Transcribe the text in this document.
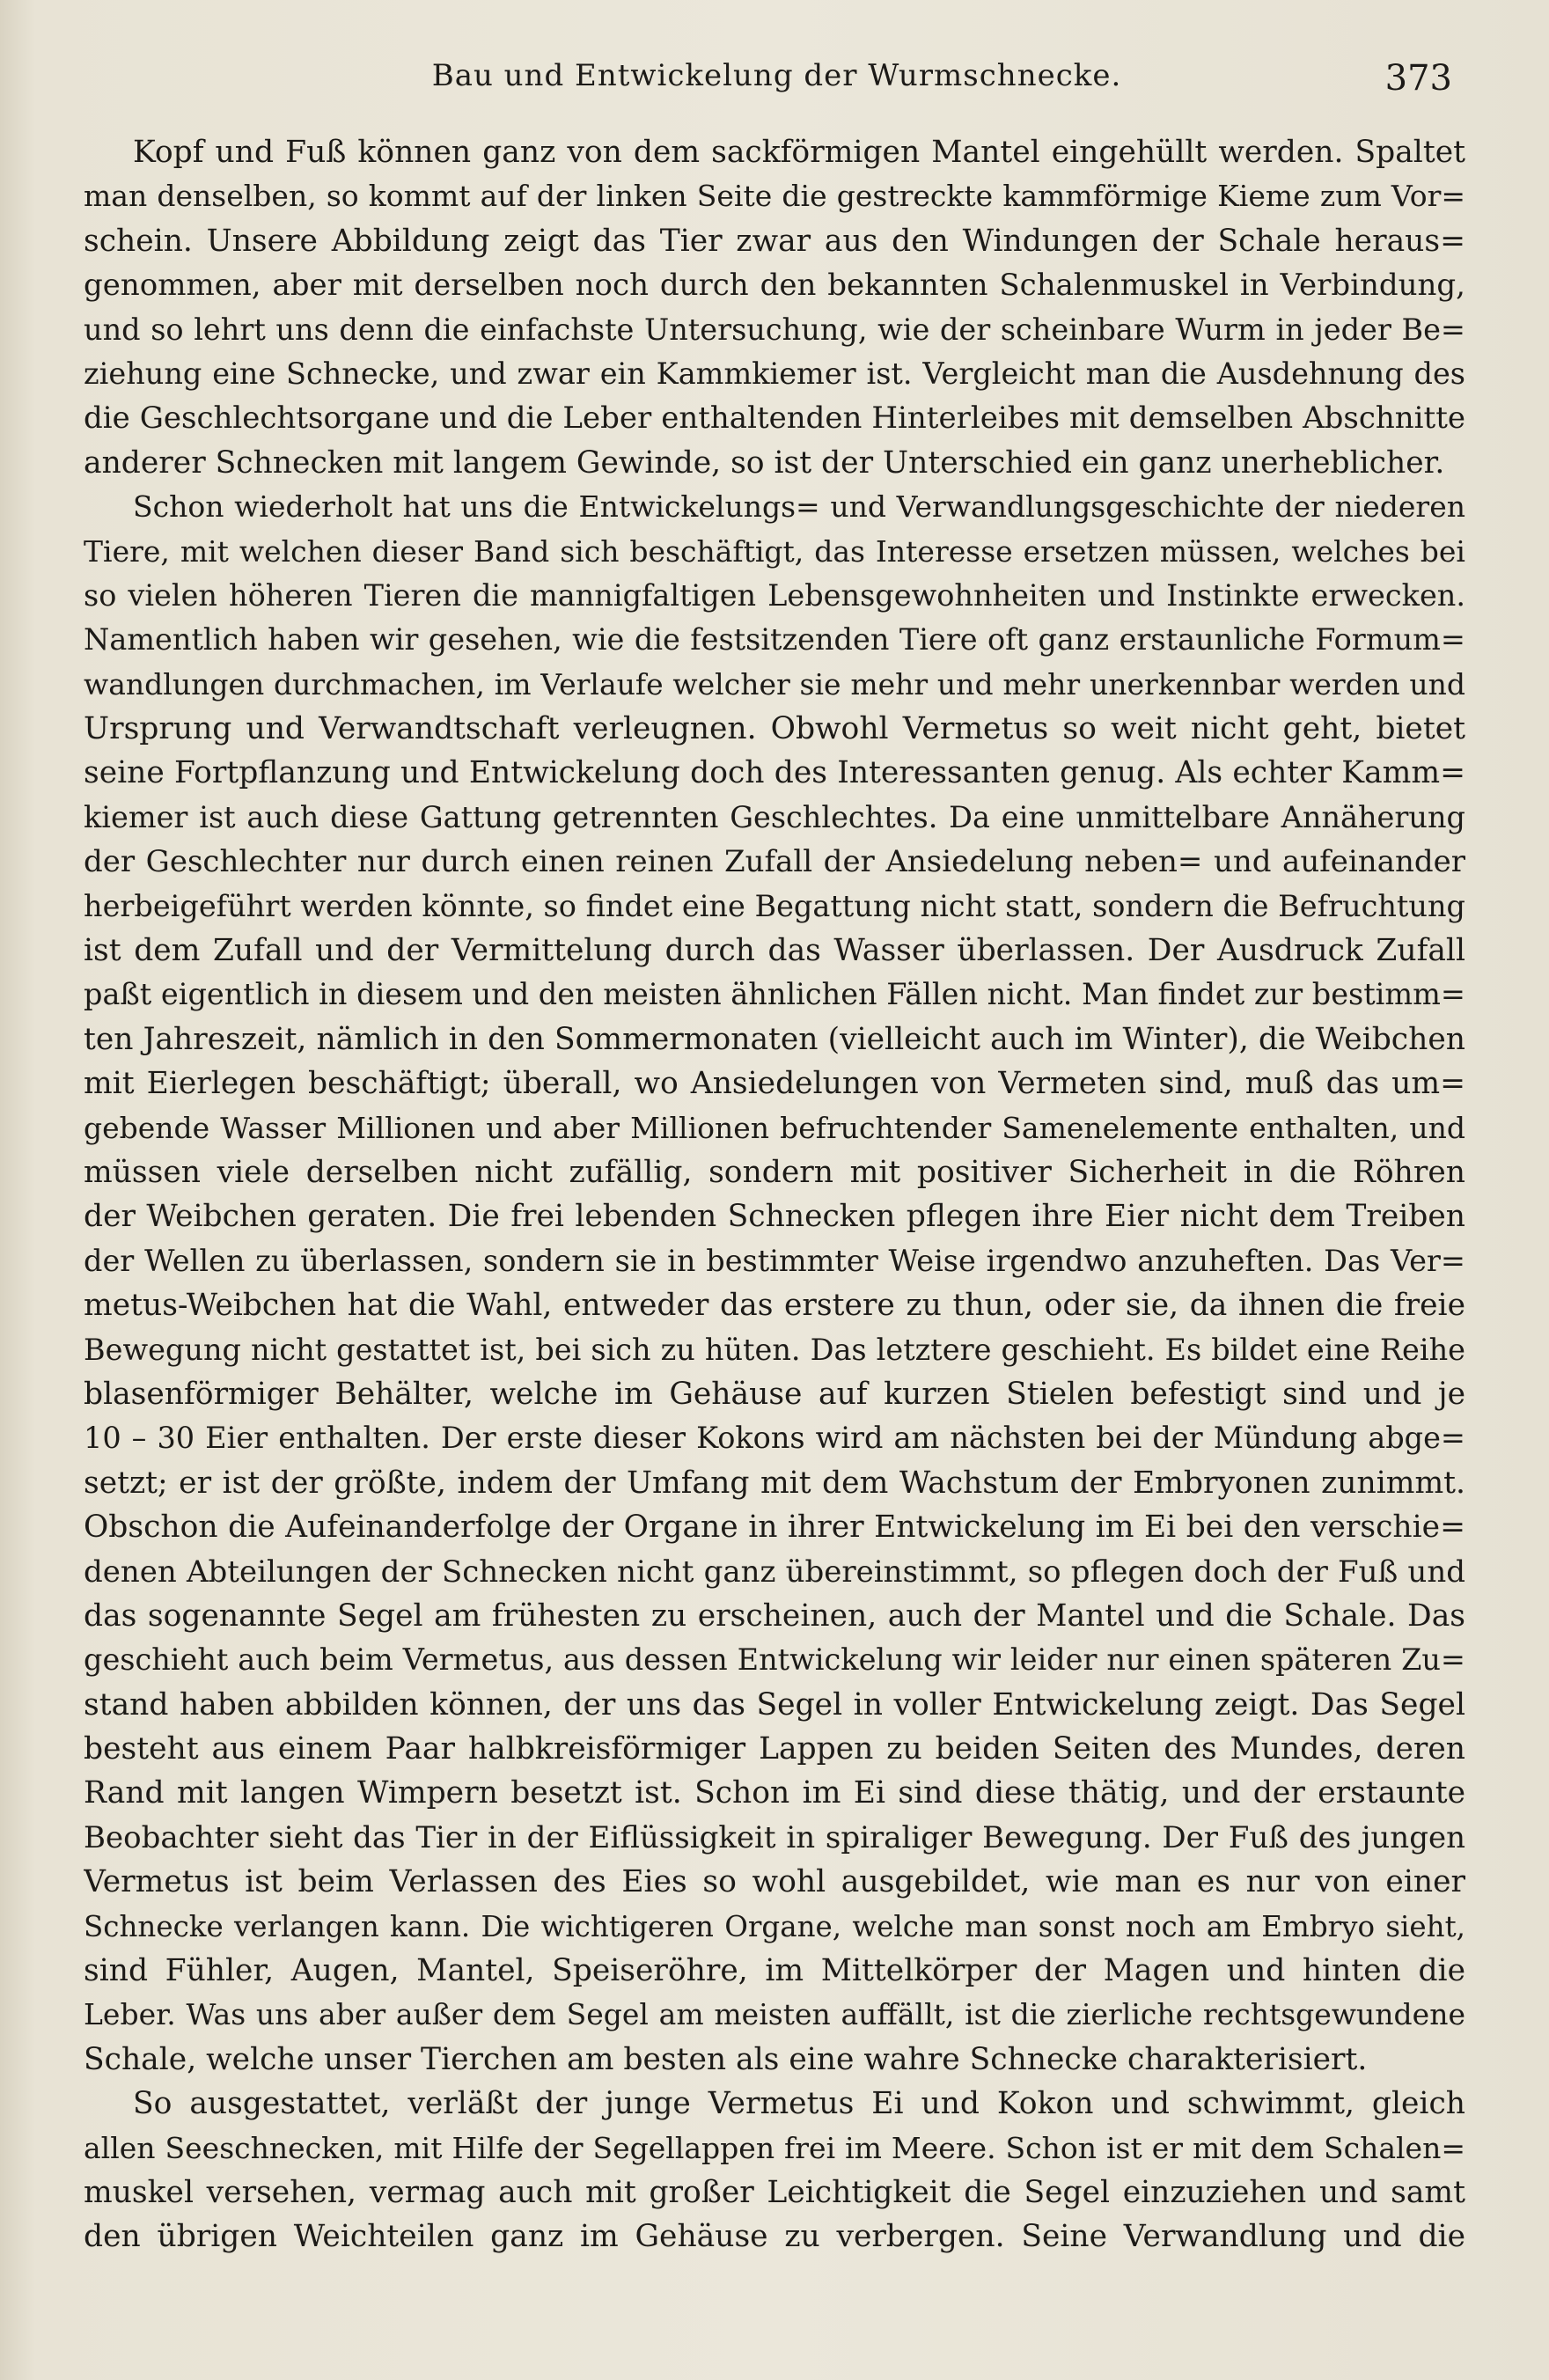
Bau und Entwickelung der Wurmschnecke.	373
Kopf und Fuß können ganz von dem sackförmigen Mantel eingehüllt werden. Spaltet
man denselben, so kommt auf der linken Seite die gestreckte kammförmige Kieme zum Vor=
schein. Unsere Abbildung zeigt das Tier zwar aus den Windungen der Schale heraus=
genommen, aber mit derselben noch durch den bekannten Schalenmuskel in Verbindung,
und so lehrt uns denn die einfachste Untersuchung, wie der scheinbare Wurm in jeder Be=
ziehung eine Schnecke, und zwar ein Kammkiemer ist. Vergleicht man die Ausdehnung des
die Geschlechtsorgane und die Leber enthaltenden Hinterleibes mit demselben Abschnitte
anderer Schnecken mit langem Gewinde, so ist der Unterschied ein ganz unerheblicher.
Schon wiederholt hat uns die Entwickelungs= und Verwandlungsgeschichte der niederen
Tiere, mit welchen dieser Band sich beschäftigt, das Interesse ersetzen müssen, welches bei
so vielen höheren Tieren die mannigfaltigen Lebensgewohnheiten und Instinkte erwecken.
Namentlich haben wir gesehen, wie die festsitzenden Tiere oft ganz erstaunliche Formum=
wandlungen durchmachen, im Verlaufe welcher sie mehr und mehr unerkennbar werden und
Ursprung und Verwandtschaft verleugnen. Obwohl Vermetus so weit nicht geht, bietet
seine Fortpflanzung und Entwickelung doch des Interessanten genug. Als echter Kamm=
kiemer ist auch diese Gattung getrennten Geschlechtes. Da eine unmittelbare Annäherung
der Geschlechter nur durch einen reinen Zufall der Ansiedelung neben= und aufeinander
herbeigeführt werden könnte, so findet eine Begattung nicht statt, sondern die Befruchtung
ist dem Zufall und der Vermittelung durch das Wasser überlassen. Der Ausdruck Zufall
paßt eigentlich in diesem und den meisten ähnlichen Fällen nicht. Man findet zur bestimm=
ten Jahreszeit, nämlich in den Sommermonaten (vielleicht auch im Winter), die Weibchen
mit Eierlegen beschäftigt; überall, wo Ansiedelungen von Vermeten sind, muß das um=
gebende Wasser Millionen und aber Millionen befruchtender Samenelemente enthalten, und
müssen viele derselben nicht zufällig, sondern mit positiver Sicherheit in die Röhren
der Weibchen geraten. Die frei lebenden Schnecken pflegen ihre Eier nicht dem Treiben
der Wellen zu überlassen, sondern sie in bestimmter Weise irgendwo anzuheften. Das Ver=
metus-Weibchen hat die Wahl, entweder das erstere zu thun, oder sie, da ihnen die freie
Bewegung nicht gestattet ist, bei sich zu hüten. Das letztere geschieht. Es bildet eine Reihe
blasenförmiger Behälter, welche im Gehäuse auf kurzen Stielen befestigt sind und je
10 – 30 Eier enthalten. Der erste dieser Kokons wird am nächsten bei der Mündung abge=
setzt; er ist der größte, indem der Umfang mit dem Wachstum der Embryonen zunimmt.
Obschon die Aufeinanderfolge der Organe in ihrer Entwickelung im Ei bei den verschie=
denen Abteilungen der Schnecken nicht ganz übereinstimmt, so pflegen doch der Fuß und
das sogenannte Segel am frühesten zu erscheinen, auch der Mantel und die Schale. Das
geschieht auch beim Vermetus, aus dessen Entwickelung wir leider nur einen späteren Zu=
stand haben abbilden können, der uns das Segel in voller Entwickelung zeigt. Das Segel
besteht aus einem Paar halbkreisförmiger Lappen zu beiden Seiten des Mundes, deren
Rand mit langen Wimpern besetzt ist. Schon im Ei sind diese thätig, und der erstaunte
Beobachter sieht das Tier in der Eiflüssigkeit in spiraliger Bewegung. Der Fuß des jungen
Vermetus ist beim Verlassen des Eies so wohl ausgebildet, wie man es nur von einer
Schnecke verlangen kann. Die wichtigeren Organe, welche man sonst noch am Embryo sieht,
sind Fühler, Augen, Mantel, Speiseröhre, im Mittelkörper der Magen und hinten die
Leber. Was uns aber außer dem Segel am meisten auffällt, ist die zierliche rechtsgewundene
Schale, welche unser Tierchen am besten als eine wahre Schnecke charakterisiert.
So ausgestattet, verläßt der junge Vermetus Ei und Kokon und schwimmt, gleich
allen Seeschnecken, mit Hilfe der Segellappen frei im Meere. Schon ist er mit dem Schalen=
muskel versehen, vermag auch mit großer Leichtigkeit die Segel einzuziehen und samt
den übrigen Weichteilen ganz im Gehäuse zu verbergen. Seine Verwandlung und die
